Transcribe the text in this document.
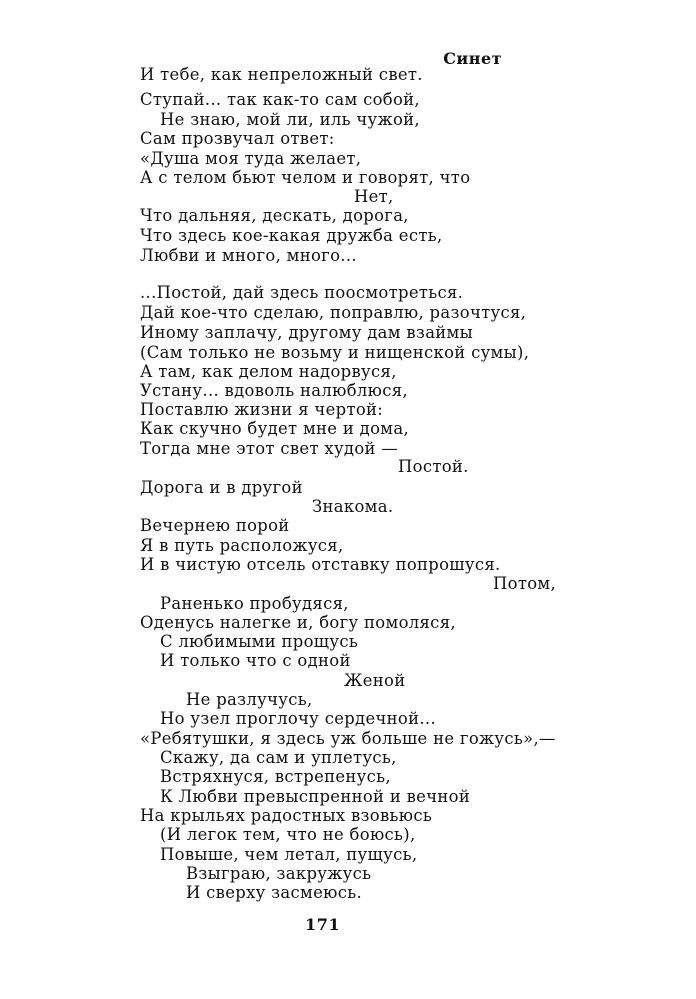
Синет
И тебе, как непреложный свет.
Ступай... так как-то сам собой,
Не знаю, мой ли, иль чужой,
Сам прозвучал ответ:
«Душа моя туда желает,
А с телом бьют челом и говорят, что
Нет,
Что дальняя, дескать, дорога,
Что здесь кое-какая дружба есть,
Любви и много, много...
...Постой, дай здесь поосмотреться.
Дай кое-что сделаю, поправлю, разочтуся,
Иному заплачу, другому дам взаймы
(Сам только не возьму и нищенской сумы),
А там, как делом надорвуся,
Устану... вдоволь налюблюся,
Поставлю жизни я чертой:
Как скучно будет мне и дома,
Тогда мне этот свет худой —
Постой.
Дорога и в другой
Знакома.
Вечернею порой
Я в путь расположуся,
И в чистую отсель отставку попрошуся.
Потом,
Раненько пробудяся,
Оденусь налегке и, богу помоляся,
С любимыми прощусь
И только что с одной
Женой
Не разлучусь,
Но узел проглочу сердечной...
«Ребятушки, я здесь уж больше не гожусь»,—
Скажу, да сам и уплетусь,
Встряхнуся, встрепенусь,
К Любви превыспренной и вечной
На крыльях радостных взовьюсь
(И легок тем, что не боюсь),
Повыше, чем летал, пущусь,
Взыграю, закружусь
И сверху засмеюсь.
171
